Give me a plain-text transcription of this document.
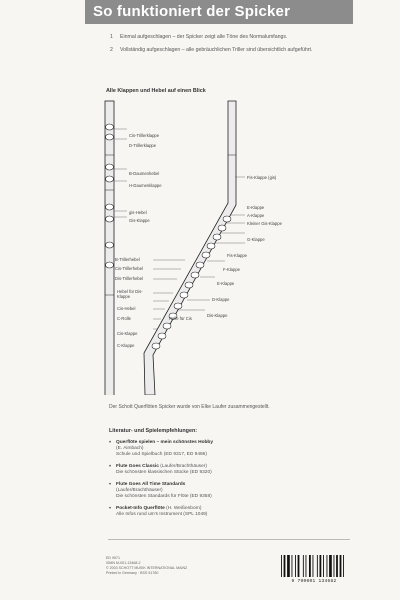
So funktioniert der Spicker
1	Einmal aufgeschlagen – der Spicker zeigt alle Töne des Normalumfangs.
2	Vollständig aufgeschlagen – alle gebräuchlichen Triller sind übersichtlich aufgeführt.
Alle Klappen und Hebel auf einen Blick
Cis-Trillerklappe
D-Trillerklappe
B-Daumenhebel
H-Daumenklappe
gis-Hebel
Gis-Klappe
Fis-Klappe (gis)
E-Klappe
A-Klappe
Kleiner Gis-Klappe
G-Klappe
Fis-Klappe
F-Klappe
E-Klappe
D-Klappe
Dis-Klappe
B-Trillerhebel
Cis-Trillerhebel
Dis-Trillerhebel
Hebel für Dis-Klappe
Cis-Hebel
C-Rolle
Cis-Klappe
C-Klappe
Rolle für Cis
Der Schott Querflöten Spicker wurde von Elke Laufer zusammengestellt.
Literatur- und Spielempfehlungen:
•	Querflöte spielen – mein schönstes Hobby
(E. Aimbach)
Schule und Spielbuch (ED 9317, ED 9486)
•	Flute Goes Classic (Laufer/Brachthäuser)
Die schönsten klassischen Stücke (ED 9320)
•	Flute Goes All Time Standards
(Laufer/Brachthäuser)
Die schönsten Standards für Flöte (ED 9358)
•	Pocket-Info Querflöte (H. Weißenborn)
Alle Infos rund um's Instrument (SPL 1049)
ED 9571
ISMN M-001-13468-2
© 2003 SCHOTT MUSIK INTERNATIONAL MAINZ
Printed in Germany · BSS 51780
9 790001 134682
